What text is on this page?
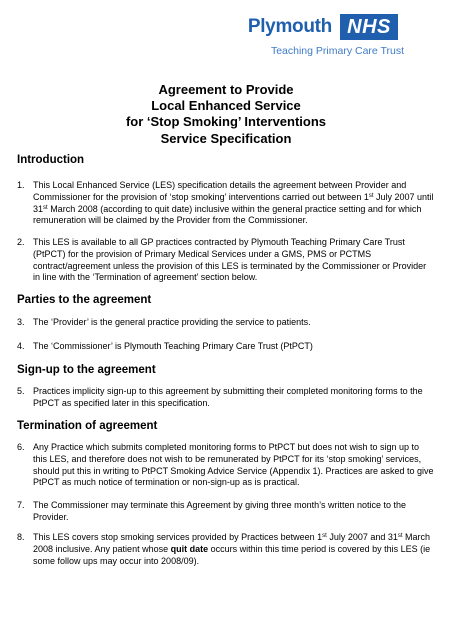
Plymouth NHS

Teaching Primary Care Trust

Agreement to Provide

Local Enhanced Service

for ‘Stop Smoking’ Interventions

Service Specification

Introduction

1. This Local Enhanced Service (LES) specification details the agreement between Provider and Commissioner for the provision of ‘stop smoking’ interventions carried out between 1st July 2007 until 31st March 2008 (according to quit date) inclusive within the general practice setting and for which remuneration will be claimed by the Provider from the Commissioner.

2. This LES is available to all GP practices contracted by Plymouth Teaching Primary Care Trust (PtPCT) for the provision of Primary Medical Services under a GMS, PMS or PCTMS contract/agreement unless the provision of this LES is terminated by the Commissioner or Provider in line with the ‘Termination of agreement’ section below.

Parties to the agreement

3. The ‘Provider’ is the general practice providing the service to patients.

4. The ‘Commissioner’ is Plymouth Teaching Primary Care Trust (PtPCT)

Sign-up to the agreement

5. Practices implicity sign-up to this agreement by submitting their completed monitoring forms to the PtPCT as specified later in this specification.

Termination of agreement

6. Any Practice which submits completed monitoring forms to PtPCT but does not wish to sign up to this LES, and therefore does not wish to be remunerated by PtPCT for its ‘stop smoking’ services, should put this in writing to PtPCT Smoking Advice Service (Appendix 1). Practices are asked to give PtPCT as much notice of termination or non-sign-up as is practical.

7. The Commissioner may terminate this Agreement by giving three month’s written notice to the Provider.

8. This LES covers stop smoking services provided by Practices between 1st July 2007 and 31st March 2008 inclusive. Any patient whose quit date occurs within this time period is covered by this LES (ie some follow ups may occur into 2008/09).
